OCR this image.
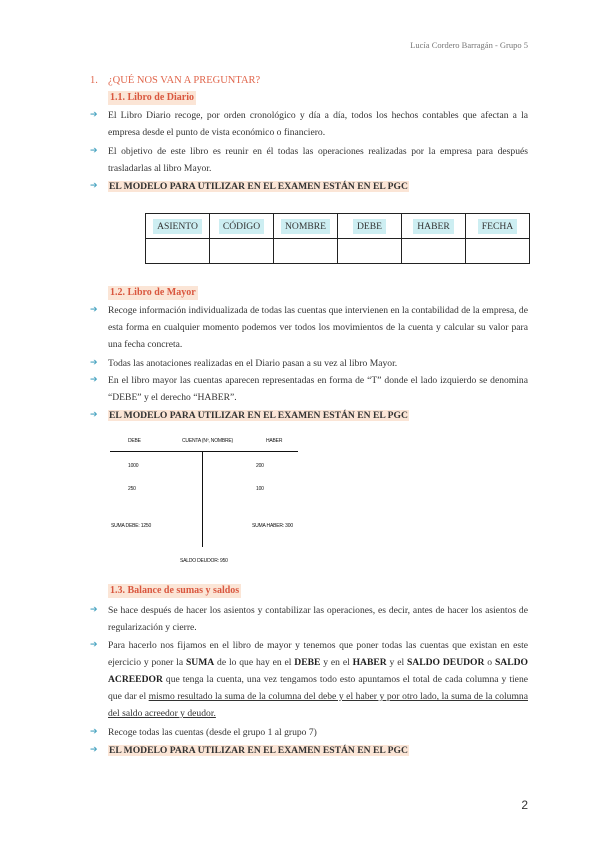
Lucía Cordero Barragán - Grupo 5
1. ¿QUÉ NOS VAN A PREGUNTAR?
1.1. Libro de Diario
➔ El Libro Diario recoge, por orden cronológico y día a día, todos los hechos contables que afectan a la empresa desde el punto de vista económico o financiero.
➔ El objetivo de este libro es reunir en él todas las operaciones realizadas por la empresa para después trasladarlas al libro Mayor.
➔ EL MODELO PARA UTILIZAR EN EL EXAMEN ESTÁN EN EL PGC
ASIENTO	CÓDIGO	NOMBRE	DEBE	HABER	FECHA

1.2. Libro de Mayor
➔ Recoge información individualizada de todas las cuentas que intervienen en la contabilidad de la empresa, de esta forma en cualquier momento podemos ver todos los movimientos de la cuenta y calcular su valor para una fecha concreta.
➔ Todas las anotaciones realizadas en el Diario pasan a su vez al libro Mayor.
➔ En el libro mayor las cuentas aparecen representadas en forma de “T” donde el lado izquierdo se denomina “DEBE” y el derecho “HABER”.
➔ EL MODELO PARA UTILIZAR EN EL EXAMEN ESTÁN EN EL PGC
DEBE	CUENTA (Nº, NOMBRE)	HABER
1000	200
250	100
SUMA DEBE: 1250	SUMA HABER: 300
SALDO DEUDOR: 950
1.3. Balance de sumas y saldos
➔ Se hace después de hacer los asientos y contabilizar las operaciones, es decir, antes de hacer los asientos de regularización y cierre.
➔ Para hacerlo nos fijamos en el libro de mayor y tenemos que poner todas las cuentas que existan en este ejercicio y poner la SUMA de lo que hay en el DEBE y en el HABER y el SALDO DEUDOR o SALDO ACREEDOR que tenga la cuenta, una vez tengamos todo esto apuntamos el total de cada columna y tiene que dar el mismo resultado la suma de la columna del debe y el haber y por otro lado, la suma de la columna del saldo acreedor y deudor.
➔ Recoge todas las cuentas (desde el grupo 1 al grupo 7)
➔ EL MODELO PARA UTILIZAR EN EL EXAMEN ESTÁN EN EL PGC
2
